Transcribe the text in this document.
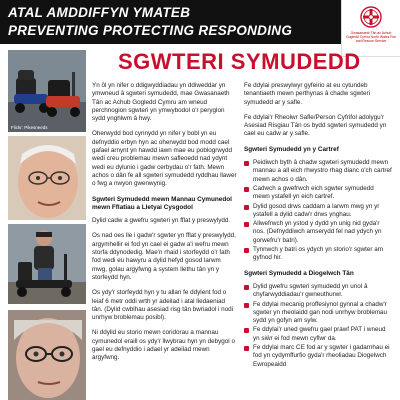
ATAL AMDDIFFYN YMATEB
PREVENTING PROTECTING RESPONDING	Gwasanaeth Tân ac Achub Gogledd Cymru North Wales Fire and Rescue Service
SGWTERI SYMUDEDD
Flickr: Pikesneeds

Yn ôl yn nifer o ddigwyddiadau yn ddiweddar yn ymwneud â sgwteri symudedd, mae Gwasanaeth Tân ac Achub Gogledd Cymru am wneud perchnogion sgwteri yn ymwybodol o'r peryglon sydd ynghlwm â hwy.

Oherwydd bod cynnydd yn nifer y bobl yn eu defnyddio erbyn hyn ac oherwydd bod modd cael gafael arnynt yn hawdd iawn mae eu poblogrwydd wedi creu problemau mewn safleoedd nad ydynt wedi eu dylunio i gadw cerbydau o'r fath. Mewn achos o dân fe all sgwteri symudedd ryddhau llawer o fwg a nwyon gwenwynig.

Sgwteri Symudedd mewn Mannau Cymunedol mewn Fflatiau a Lletyai Cysgodol

Dylid cadw a gwefru sgwteri yn fflat y preswylydd.

Os nad oes lle i gadw'r sgwter yn fflat y preswylydd, argymhellir ei fod yn cael ei gadw a'i wefru mewn storfa ddynodedig. Mae'n rhaid i storfeydd o'r fath fod wedi eu hawyru a dylid hefyd gosod larwm mwg, golau argyfwng a system llethu tân yn y storfeydd hyn.

Os ydy'r storfeydd hyn y tu allan fe ddylent fod o leiaf 6 metr oddi wrth yr adeilad i atal lledaeniad tân. (Dylid cwblhau asesiad risg tân bwriadol i nodi unrhyw broblemau posibl).

Ni ddylid eu storio mewn coridorau a mannau cymunedol eraill os ydy'r llwybrau hyn yn debygol o gael eu defnyddio i adael yr adeilad mewn argyfwng.

Fe ddylai preswylwyr gyfeirio at eu cytundeb tenantiaeth mewn perthynas â chadw sgwteri symudedd ar y safle.

Fe ddylai'r Rheolwr Safle/Person Cyfrifol adolygu'r Asesiad Risgiau Tân os bydd sgwteri symudedd yn cael eu cadw ar y safle.

Sgwteri Symudedd yn y Cartref
Peidiwch byth â chadw sgwteri symudedd mewn mannau a all eich rhwystro rhag dianc o'ch cartref mewn achos o dân.
Cadwch a gwefrwch eich sgwter symudedd mewn ystafell yn eich cartref.
Dylid gosod drws caddam a larwm mwg yn yr ystafell a dylid cadw'r drws ynghau.
Allwefrwch yn ystod y dydd yn unig nid gyda'r nos. (Defnyddiwch amserydd fel nad ydych yn gorwefru'r batri).
Tynnwch y batri os ydych yn storio'r sgwter am gyfnod hir.
Sgwteri Symudedd a Diogelwch Tân
Dylid gwefru sgwteri symudedd yn unol â chyfarwyddiadau'r gwneuthurwr.
Fe ddylai mecanig proffesiynol gynnal a chadw'r sgwter yn rheolaidd gan nodi unrhyw broblemau sydd yn gofyn am sylw.
Fe ddylai'r uned gwefru gael prawf PAT i wneud yn siŵr ei fod mewn cyflwr da.
Fe ddylai marc CE fod ar y sgwter i gadarnhau ei fod yn cydymffurfio gyda'r rheoliadau Diogelwch Ewropeaidd
